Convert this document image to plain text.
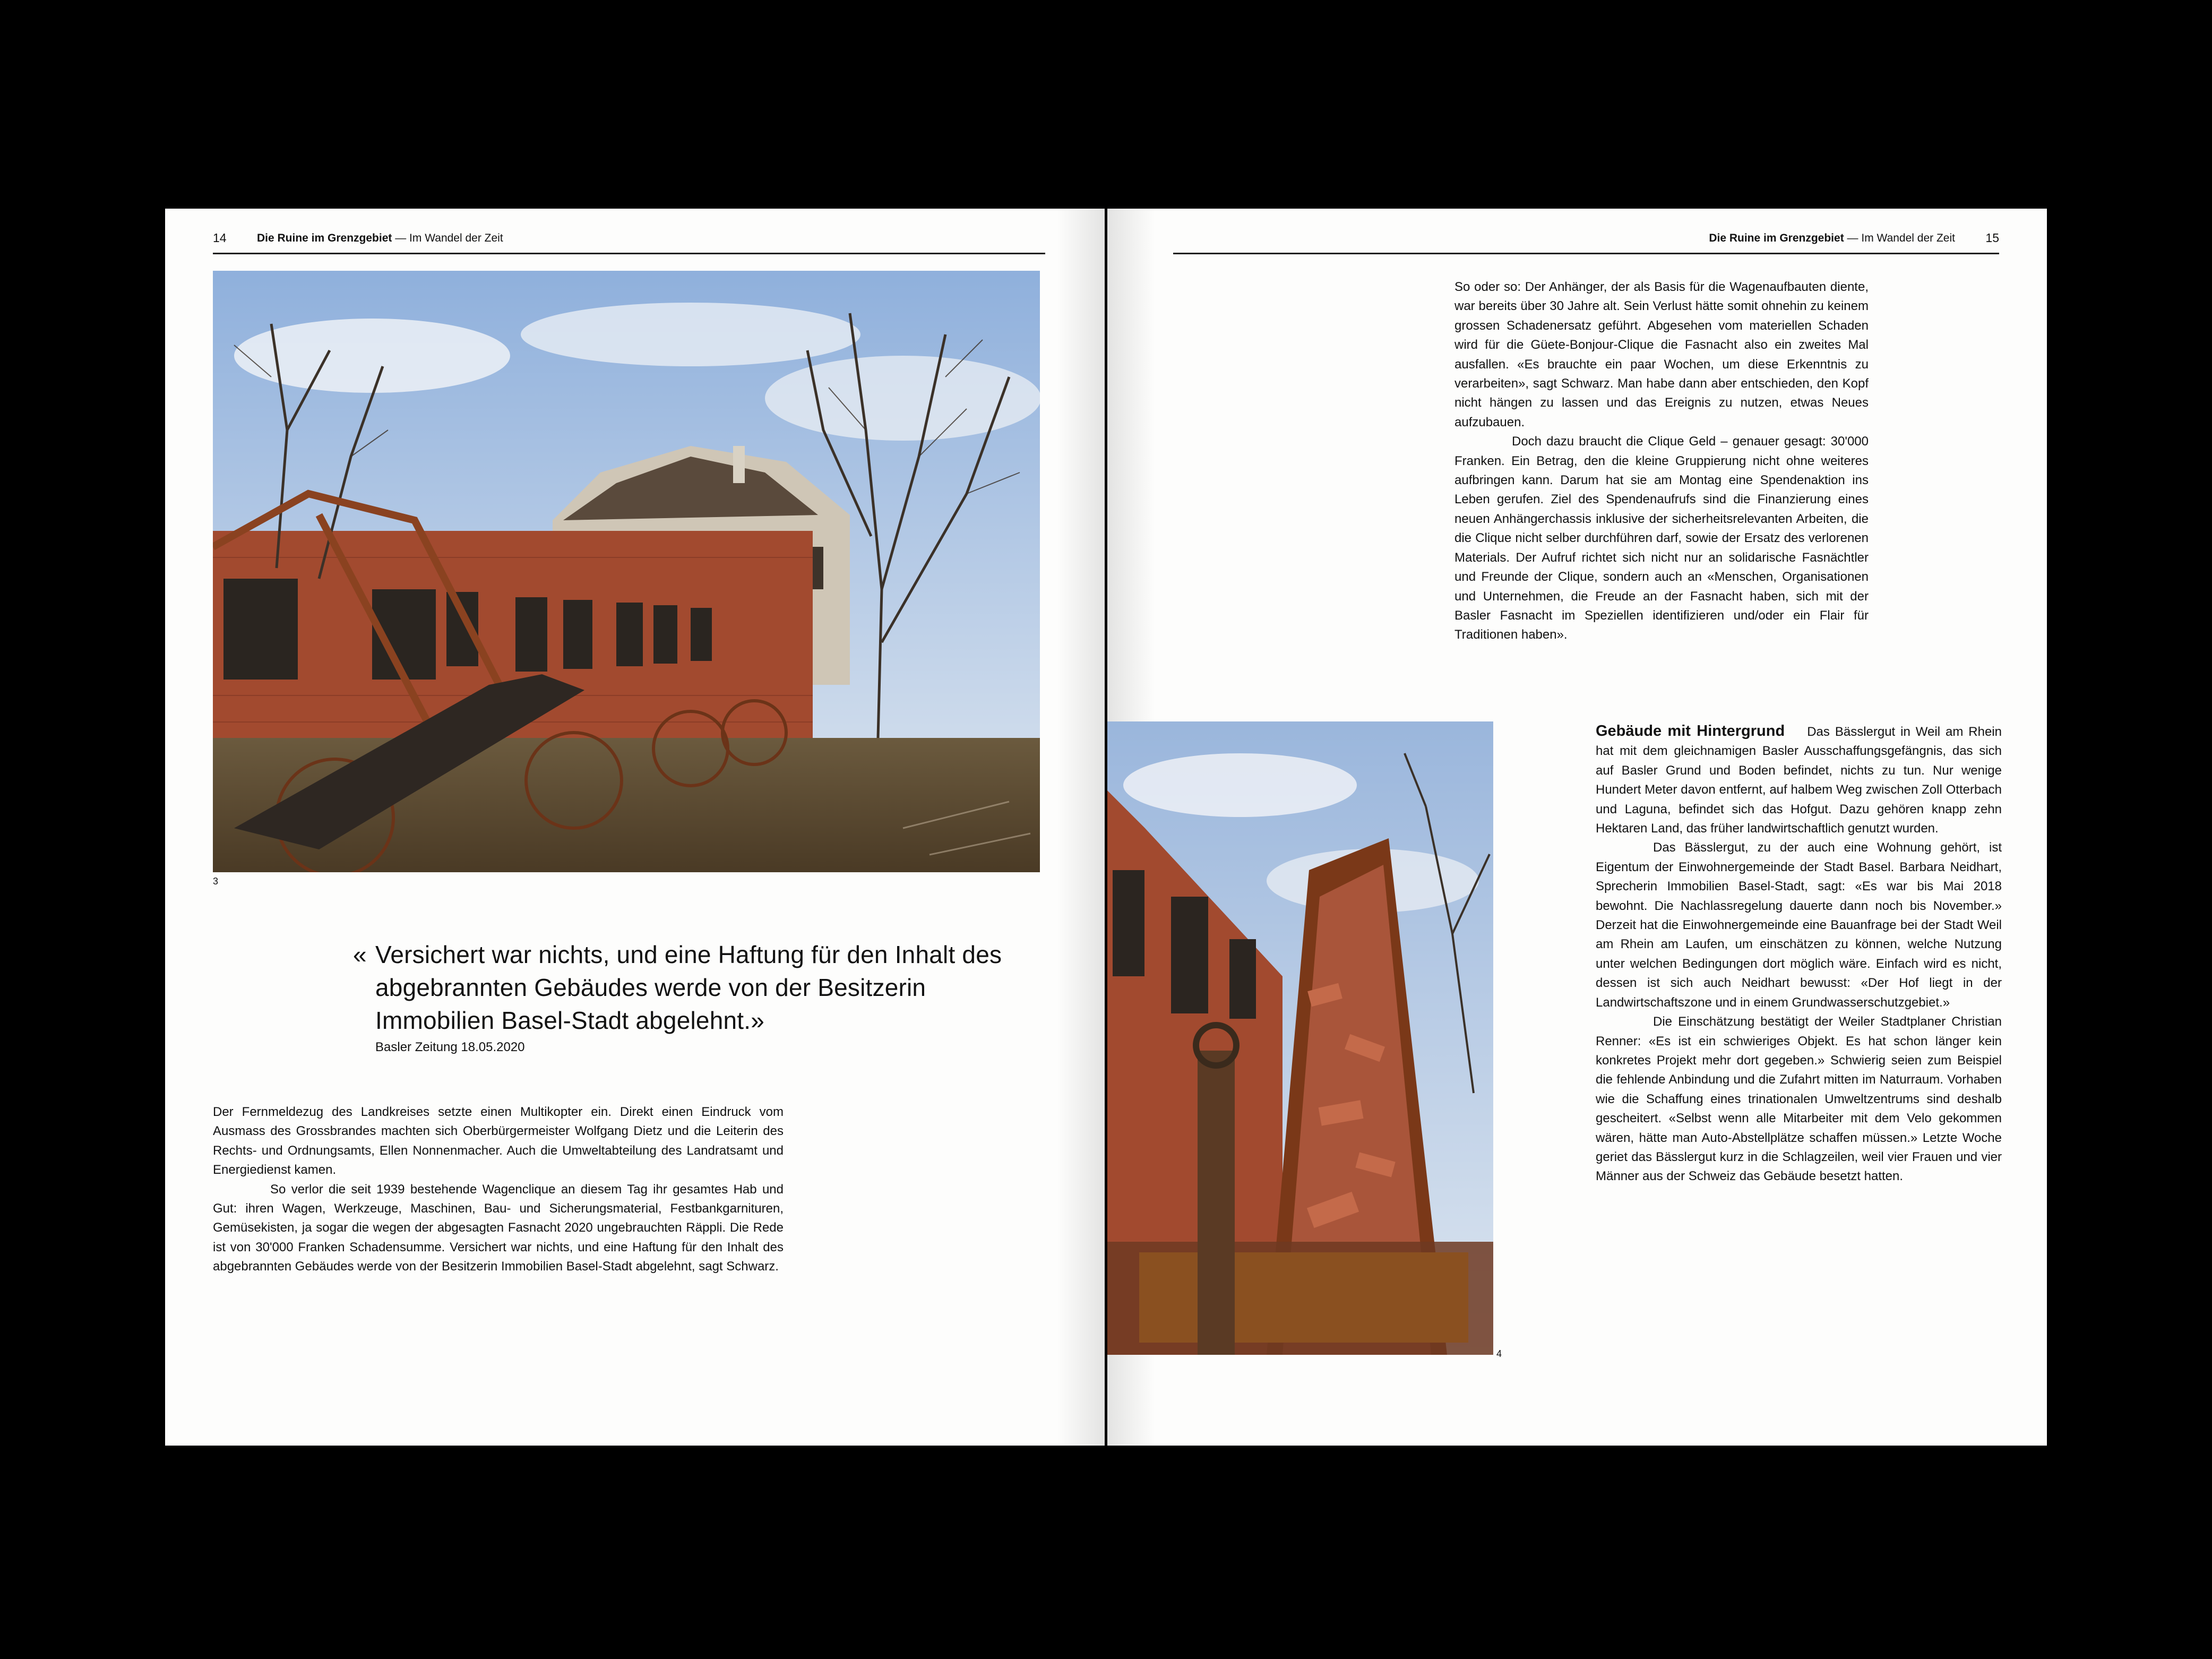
14	Die Ruine im Grenzgebiet — Im Wandel der Zeit
3
« Versichert war nichts, und eine Haftung für den Inhalt des abgebrannten Gebäudes werde von der Besitzerin Immobilien Basel-Stadt abgelehnt.»
Basler Zeitung 18.05.2020

Der Fernmeldezug des Landkreises setzte einen Multikopter ein. Direkt einen Eindruck vom Ausmass des Grossbrandes machten sich Oberbürgermeister Wolfgang Dietz und die Leiterin des Rechts- und Ordnungsamts, Ellen Nonnenmacher. Auch die Umweltabteilung des Landratsamt und Energiedienst kamen.

So verlor die seit 1939 bestehende Wagenclique an diesem Tag ihr gesamtes Hab und Gut: ihren Wagen, Werkzeuge, Maschinen, Bau- und Sicherungsmaterial, Festbankgarnituren, Gemüsekisten, ja sogar die wegen der abgesagten Fasnacht 2020 ungebrauchten Räppli. Die Rede ist von 30'000 Franken Schadensumme. Versichert war nichts, und eine Haftung für den Inhalt des abgebrannten Gebäudes werde von der Besitzerin Immobilien Basel-Stadt abgelehnt, sagt Schwarz.

Die Ruine im Grenzgebiet — Im Wandel der Zeit 15

So oder so: Der Anhänger, der als Basis für die Wagenaufbauten diente, war bereits über 30 Jahre alt. Sein Verlust hätte somit ohnehin zu keinem grossen Schadenersatz geführt. Abgesehen vom materiellen Schaden wird für die Güete-Bonjour-Clique die Fasnacht also ein zweites Mal ausfallen. «Es brauchte ein paar Wochen, um diese Erkenntnis zu verarbeiten», sagt Schwarz. Man habe dann aber entschieden, den Kopf nicht hängen zu lassen und das Ereignis zu nutzen, etwas Neues aufzubauen.

Doch dazu braucht die Clique Geld – genauer gesagt: 30'000 Franken. Ein Betrag, den die kleine Gruppierung nicht ohne weiteres aufbringen kann. Darum hat sie am Montag eine Spendenaktion ins Leben gerufen. Ziel des Spendenaufrufs sind die Finanzierung eines neuen Anhängerchassis inklusive der sicherheitsrelevanten Arbeiten, die die Clique nicht selber durchführen darf, sowie der Ersatz des verlorenen Materials. Der Aufruf richtet sich nicht nur an solidarische Fasnächtler und Freunde der Clique, sondern auch an «Menschen, Organisationen und Unternehmen, die Freude an der Fasnacht haben, sich mit der Basler Fasnacht im Speziellen identifizieren und/oder ein Flair für Traditionen haben».

4

Gebäude mit Hintergrund Das Bässlergut in Weil am Rhein hat mit dem gleichnamigen Basler Ausschaffungsgefängnis, das sich auf Basler Grund und Boden befindet, nichts zu tun. Nur wenige Hundert Meter davon entfernt, auf halbem Weg zwischen Zoll Otterbach und Laguna, befindet sich das Hofgut. Dazu gehören knapp zehn Hektaren Land, das früher landwirtschaftlich genutzt wurden.

Das Bässlergut, zu der auch eine Wohnung gehört, ist Eigentum der Einwohnergemeinde der Stadt Basel. Barbara Neidhart, Sprecherin Immobilien Basel-Stadt, sagt: «Es war bis Mai 2018 bewohnt. Die Nachlassregelung dauerte dann noch bis November.» Derzeit hat die Einwohnergemeinde eine Bauanfrage bei der Stadt Weil am Rhein am Laufen, um einschätzen zu können, welche Nutzung unter welchen Bedingungen dort möglich wäre. Einfach wird es nicht, dessen ist sich auch Neidhart bewusst: «Der Hof liegt in der Landwirtschaftszone und in einem Grundwasserschutzgebiet.»

Die Einschätzung bestätigt der Weiler Stadtplaner Christian Renner: «Es ist ein schwieriges Objekt. Es hat schon länger kein konkretes Projekt mehr dort gegeben.» Schwierig seien zum Beispiel die fehlende Anbindung und die Zufahrt mitten im Naturraum. Vorhaben wie die Schaffung eines trinationalen Umweltzentrums sind deshalb gescheitert. «Selbst wenn alle Mitarbeiter mit dem Velo gekommen wären, hätte man Auto-Abstellplätze schaffen müssen.» Letzte Woche geriet das Bässlergut kurz in die Schlagzeilen, weil vier Frauen und vier Männer aus der Schweiz das Gebäude besetzt hatten.
